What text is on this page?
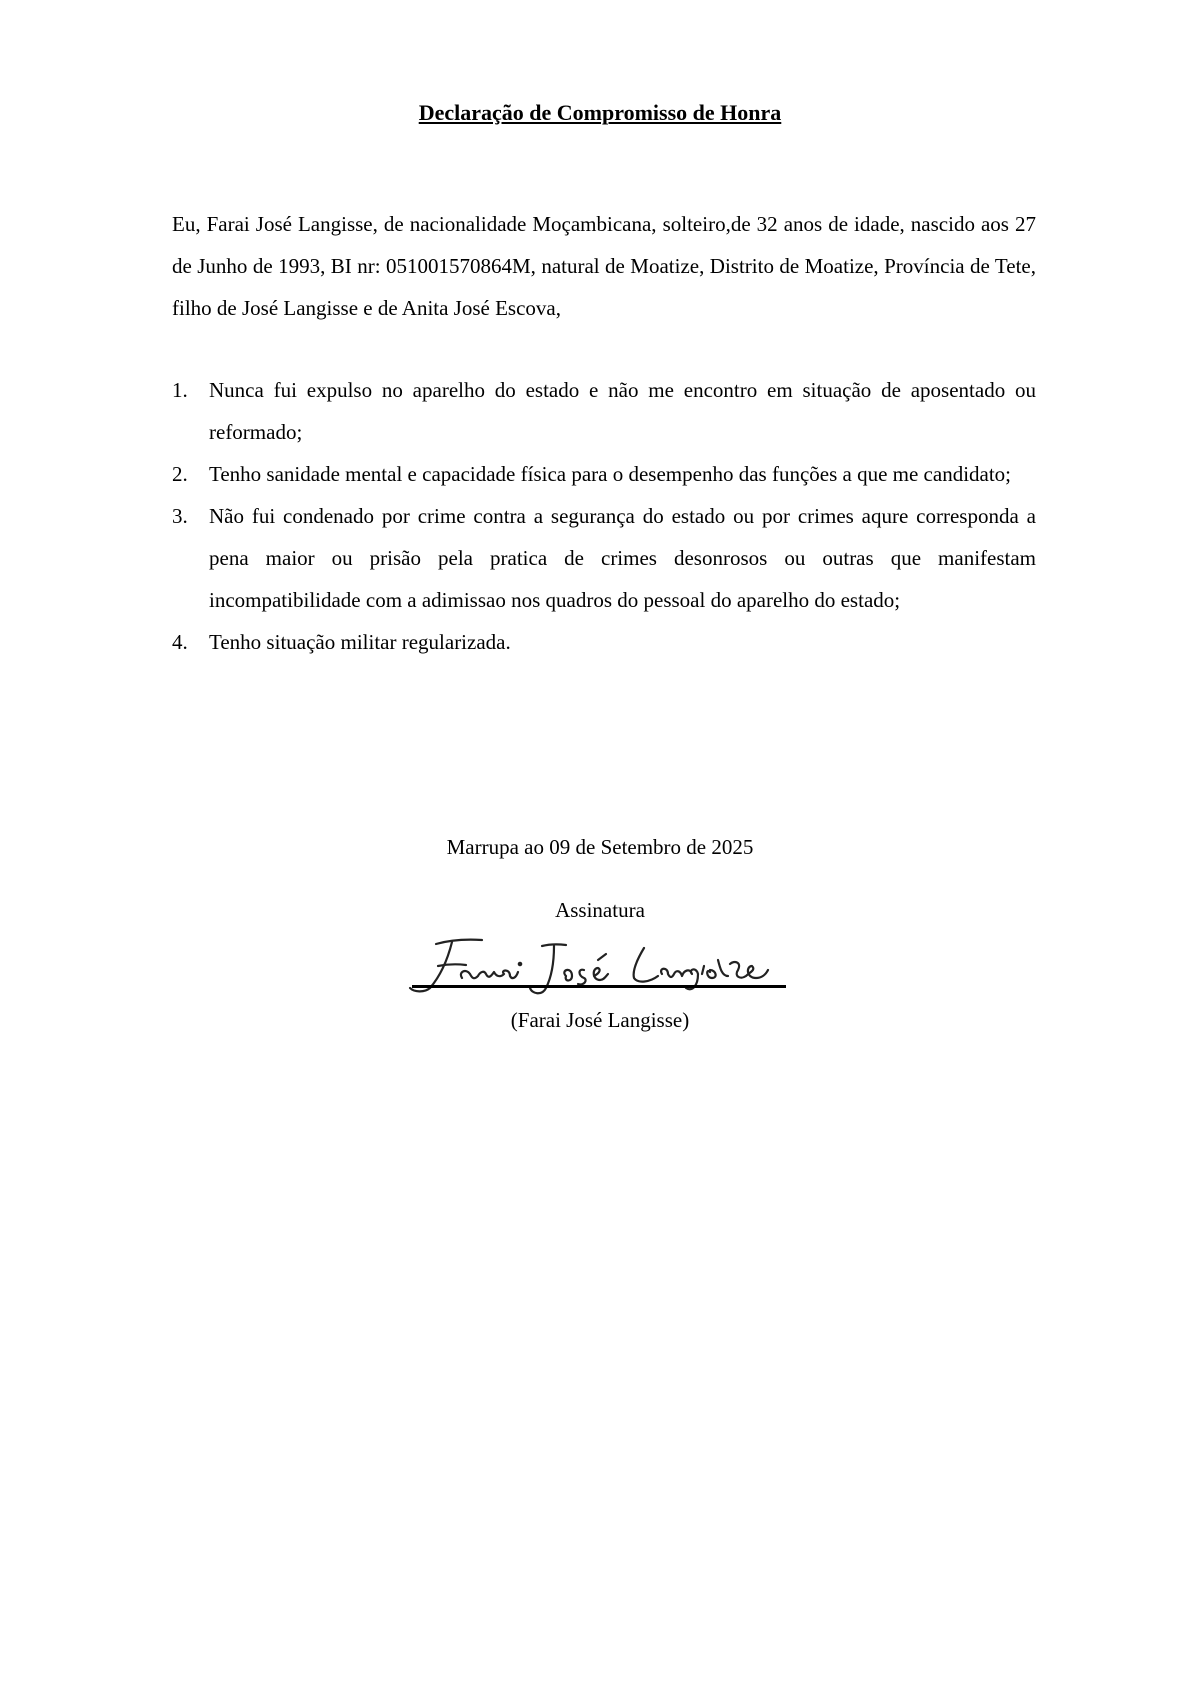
Declaração de Compromisso de Honra

Eu, Farai José Langisse, de nacionalidade Moçambicana, solteiro,de 32 anos de idade, nascido aos 27 de Junho de 1993, BI nr: 051001570864M, natural de Moatize, Distrito de Moatize, Província de Tete, filho de José Langisse e de Anita José Escova,

1. Nunca fui expulso no aparelho do estado e não me encontro em situação de aposentado ou reformado;
2. Tenho sanidade mental e capacidade física para o desempenho das funções a que me candidato;
3. Não fui condenado por crime contra a segurança do estado ou por crimes aqure corresponda a pena maior ou prisão pela pratica de crimes desonrosos ou outras que manifestam incompatibilidade com a adimissao nos quadros do pessoal do aparelho do estado;
4. Tenho situação militar regularizada.

Marrupa ao 09 de Setembro de 2025

Assinatura

(Farai José Langisse)
